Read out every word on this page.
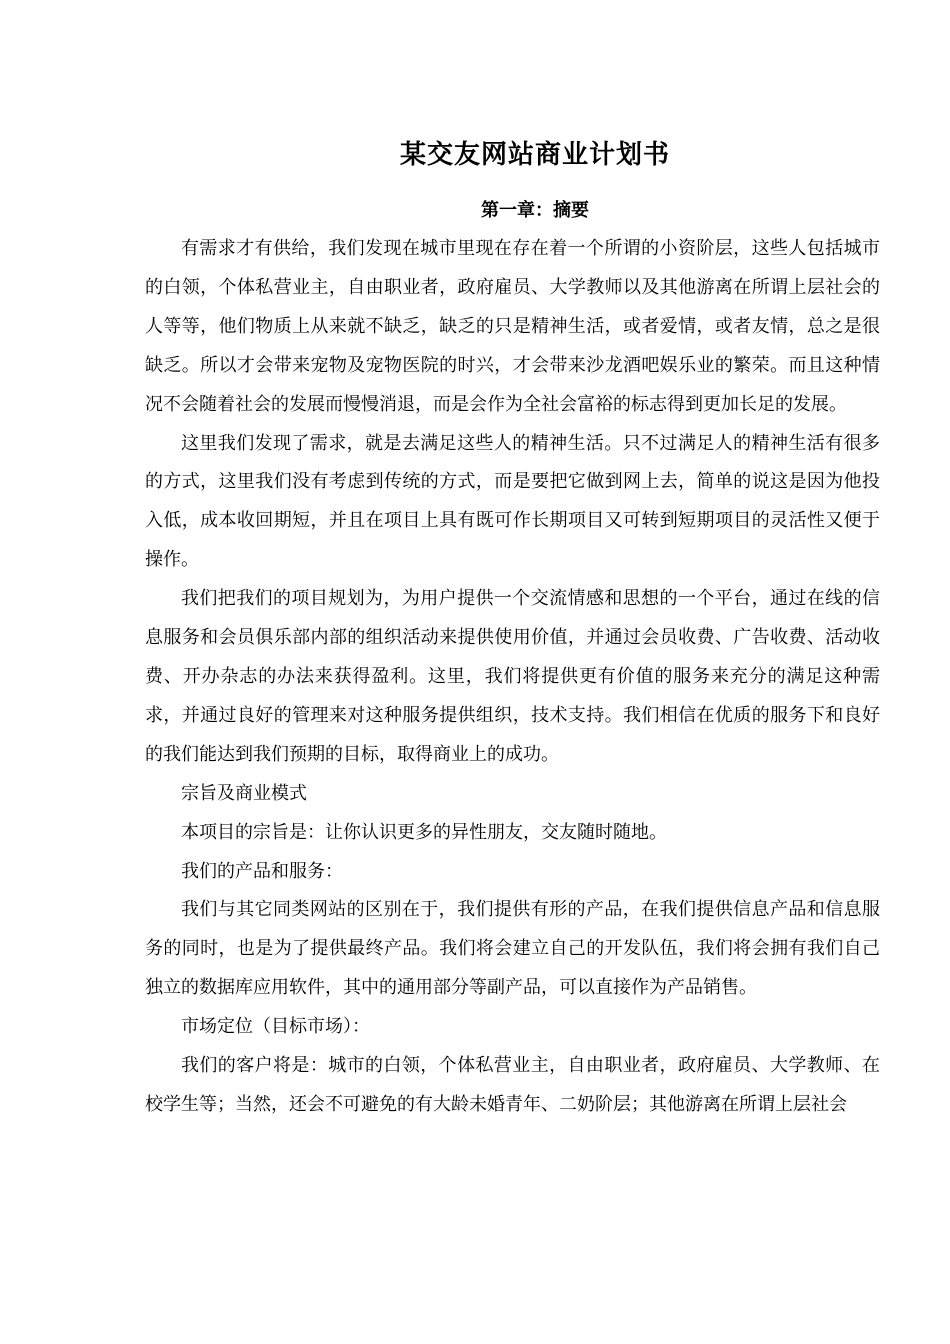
某交友网站商业计划书
第一章：摘要

有需求才有供给，我们发现在城市里现在存在着一个所谓的小资阶层，这些人包括城市的白领，个体私营业主，自由职业者，政府雇员、大学教师以及其他游离在所谓上层社会的人等等，他们物质上从来就不缺乏，缺乏的只是精神生活，或者爱情，或者友情，总之是很缺乏。所以才会带来宠物及宠物医院的时兴，才会带来沙龙酒吧娱乐业的繁荣。而且这种情况不会随着社会的发展而慢慢消退，而是会作为全社会富裕的标志得到更加长足的发展。

这里我们发现了需求，就是去满足这些人的精神生活。只不过满足人的精神生活有很多的方式，这里我们没有考虑到传统的方式，而是要把它做到网上去，简单的说这是因为他投入低，成本收回期短，并且在项目上具有既可作长期项目又可转到短期项目的灵活性又便于操作。

我们把我们的项目规划为，为用户提供一个交流情感和思想的一个平台，通过在线的信息服务和会员俱乐部内部的组织活动来提供使用价值，并通过会员收费、广告收费、活动收费、开办杂志的办法来获得盈利。这里，我们将提供更有价值的服务来充分的满足这种需求，并通过良好的管理来对这种服务提供组织，技术支持。我们相信在优质的服务下和良好的我们能达到我们预期的目标，取得商业上的成功。

宗旨及商业模式

本项目的宗旨是：让你认识更多的异性朋友，交友随时随地。

我们的产品和服务：

我们与其它同类网站的区别在于，我们提供有形的产品，在我们提供信息产品和信息服务的同时，也是为了提供最终产品。我们将会建立自己的开发队伍，我们将会拥有我们自己独立的数据库应用软件，其中的通用部分等副产品，可以直接作为产品销售。

市场定位（目标市场）：

我们的客户将是：城市的白领，个体私营业主，自由职业者，政府雇员、大学教师、在校学生等；当然，还会不可避免的有大龄未婚青年、二奶阶层；其他游离在所谓上层社会
